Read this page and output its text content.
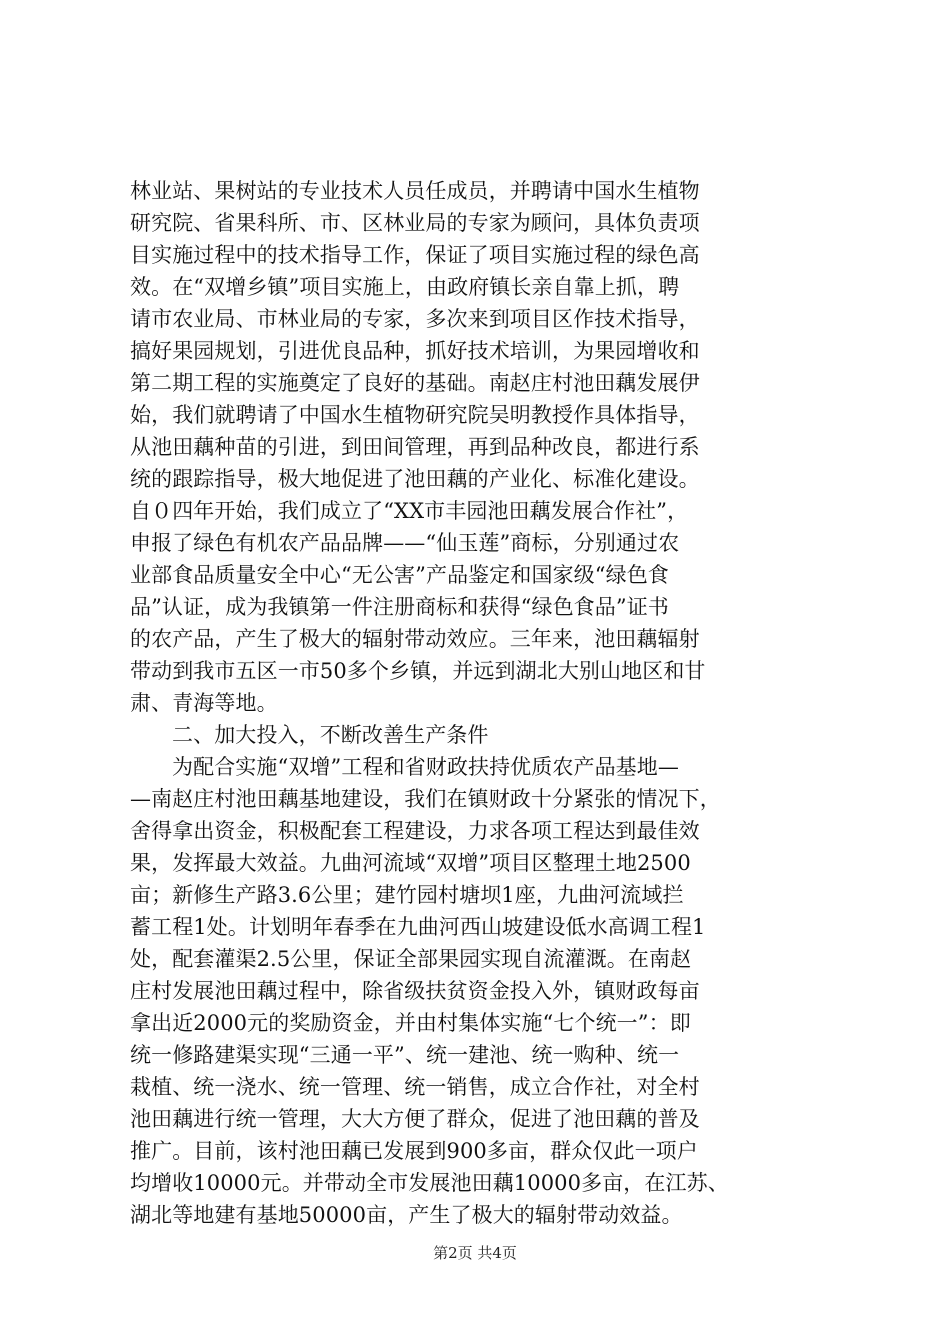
林业站、果树站的专业技术人员任成员，并聘请中国水生植物
研究院、省果科所、市、区林业局的专家为顾问，具体负责项
目实施过程中的技术指导工作，保证了项目实施过程的绿色高
效。在“双增乡镇”项目实施上，由政府镇长亲自靠上抓，聘
请市农业局、市林业局的专家，多次来到项目区作技术指导，
搞好果园规划，引进优良品种，抓好技术培训，为果园增收和
第二期工程的实施奠定了良好的基础。南赵庄村池田藕发展伊
始，我们就聘请了中国水生植物研究院吴明教授作具体指导，
从池田藕种苗的引进，到田间管理，再到品种改良，都进行系
统的跟踪指导，极大地促进了池田藕的产业化、标准化建设。
自０四年开始，我们成立了“XX市丰园池田藕发展合作社”，
申报了绿色有机农产品品牌——“仙玉莲”商标，分别通过农
业部食品质量安全中心“无公害”产品鉴定和国家级“绿色食
品”认证，成为我镇第一件注册商标和获得“绿色食品”证书
的农产品，产生了极大的辐射带动效应。三年来，池田藕辐射
带动到我市五区一市50多个乡镇，并远到湖北大别山地区和甘
肃、青海等地。
二、加大投入，不断改善生产条件
为配合实施“双增”工程和省财政扶持优质农产品基地—
—南赵庄村池田藕基地建设，我们在镇财政十分紧张的情况下，
舍得拿出资金，积极配套工程建设，力求各项工程达到最佳效
果，发挥最大效益。九曲河流域“双增”项目区整理土地2500
亩；新修生产路3.6公里；建竹园村塘坝1座，九曲河流域拦
蓄工程1处。计划明年春季在九曲河西山坡建设低水高调工程1
处，配套灌渠2.5公里，保证全部果园实现自流灌溉。在南赵
庄村发展池田藕过程中，除省级扶贫资金投入外，镇财政每亩
拿出近2000元的奖励资金，并由村集体实施“七个统一”：即
统一修路建渠实现“三通一平”、统一建池、统一购种、统一
栽植、统一浇水、统一管理、统一销售，成立合作社，对全村
池田藕进行统一管理，大大方便了群众，促进了池田藕的普及
推广。目前，该村池田藕已发展到900多亩，群众仅此一项户
均增收10000元。并带动全市发展池田藕10000多亩，在江苏、
湖北等地建有基地50000亩，产生了极大的辐射带动效益。
第2页 共4页
